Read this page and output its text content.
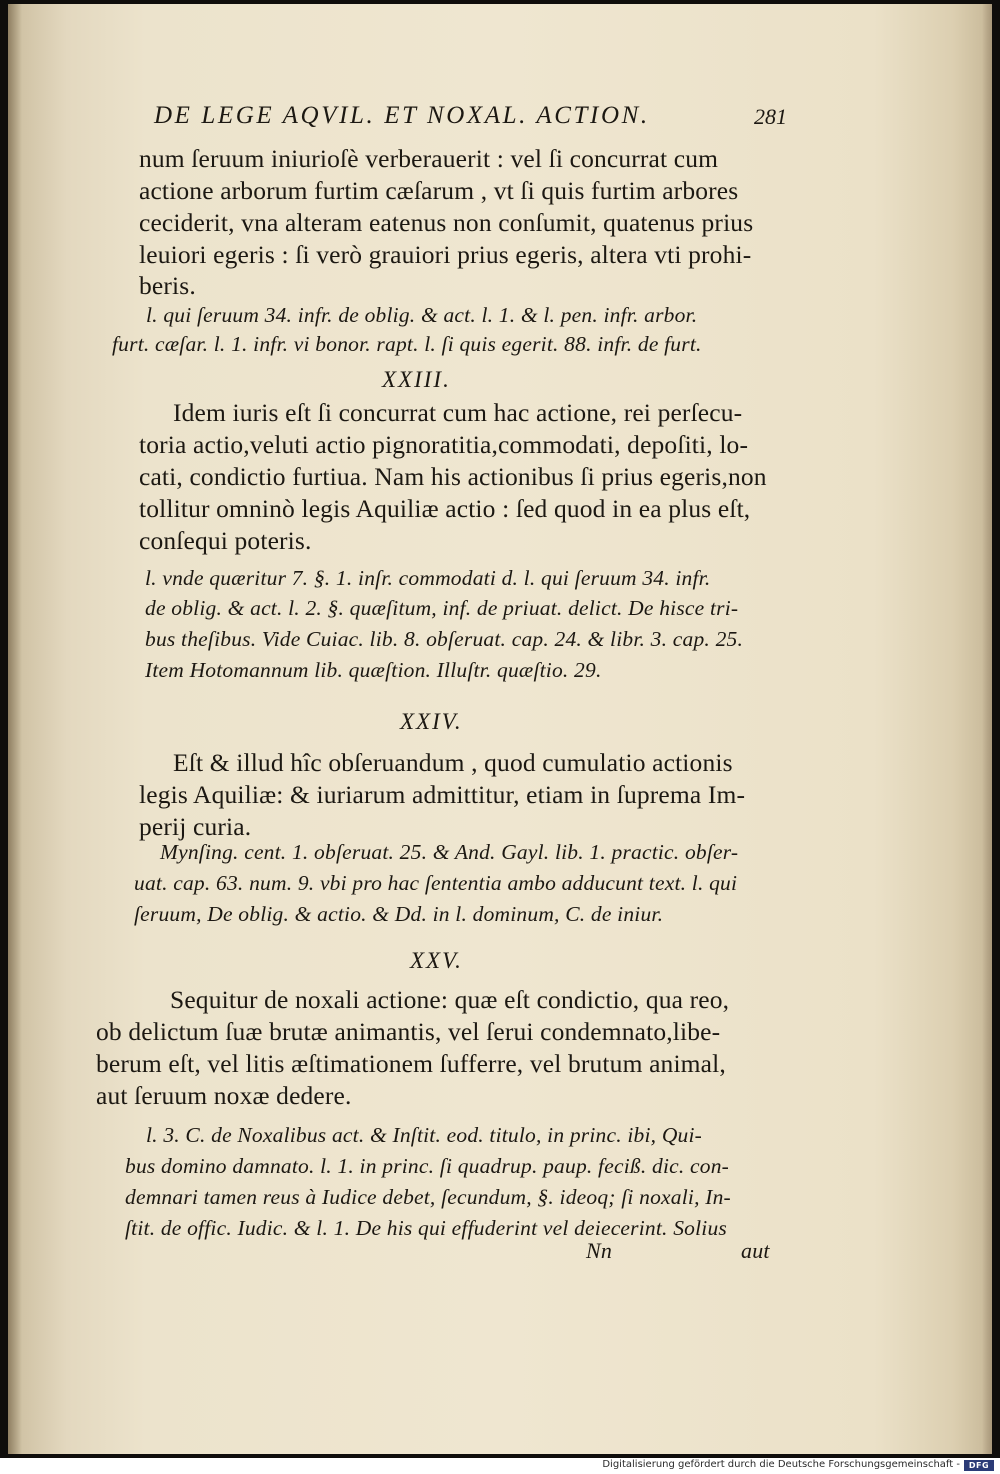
DE LEGE AQVIL. ET NOXAL. ACTION.	281

num ſeruum iniurioſè verberauerit : vel ſi concurrat cum

actione arborum furtim cæſarum , vt ſi quis furtim arbores

ceciderit, vna alteram eatenus non conſumit, quatenus prius

leuiori egeris : ſi verò grauiori prius egeris, altera vti prohi-

beris.

l. qui ſeruum 34. infr. de oblig. & act. l. 1. & l. pen. infr. arbor.

furt. cæſar. l. 1. infr. vi bonor. rapt. l. ſi quis egerit. 88. infr. de furt.

XXIII.

Idem iuris eſt ſi concurrat cum hac actione, rei perſecu-

toria actio,veluti actio pignoratitia,commodati, depoſiti, lo-

cati, condictio furtiua. Nam his actionibus ſi prius egeris,non

tollitur omninò legis Aquiliæ actio : ſed quod in ea plus eſt,

conſequi poteris.

l. vnde quæritur 7. §. 1. inſr. commodati d. l. qui ſeruum 34. infr.

de oblig. & act. l. 2. §. quæſitum, inf. de priuat. delict. De hisce tri-

bus theſibus. Vide Cuiac. lib. 8. obſeruat. cap. 24. & libr. 3. cap. 25.

Item Hotomannum lib. quæſtion. Illuſtr. quæſtio. 29.

XXIV.

Eſt & illud hîc obſeruandum , quod cumulatio actionis

legis Aquiliæ: & iuriarum admittitur, etiam in ſuprema Im-

perij curia.

Mynſing. cent. 1. obſeruat. 25. & And. Gayl. lib. 1. practic. obſer-

uat. cap. 63. num. 9. vbi pro hac ſententia ambo adducunt text. l. qui

ſeruum, De oblig. & actio. & Dd. in l. dominum, C. de iniur.

XXV.

Sequitur de noxali actione: quæ eſt condictio, qua reo,

ob delictum ſuæ brutæ animantis, vel ſerui condemnato,libe-

berum eſt, vel litis æſtimationem ſufferre, vel brutum animal,

aut ſeruum noxæ dedere.

l. 3. C. de Noxalibus act. & Inſtit. eod. titulo, in princ. ibi, Qui-

bus domino damnato. l. 1. in princ. ſi quadrup. paup. feciß. dic. con-

demnari tamen reus à Iudice debet, ſecundum, §. ideoq; ſi noxali, In-

ſtit. de offic. Iudic. & l. 1. De his qui effuderint vel deiecerint. Solius

Nn	aut

Digitalisierung gefördert durch die Deutsche Forschungsgemeinschaft -	DFG
